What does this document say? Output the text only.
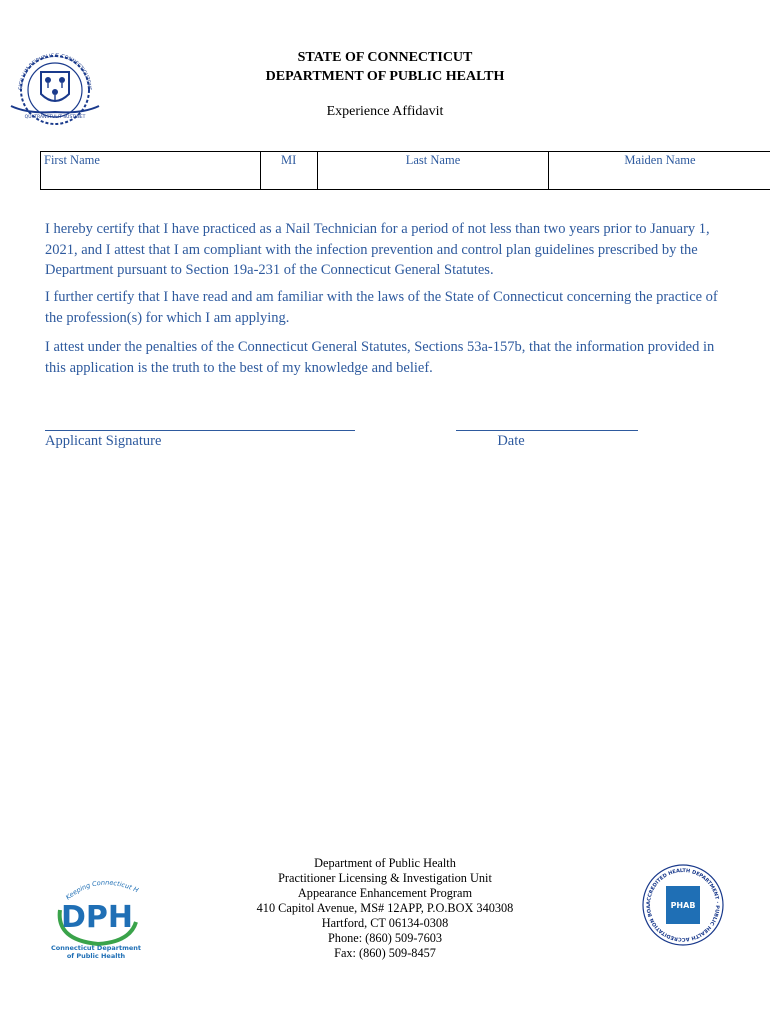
SIGILLUM REIPUBLICÆ CONNECTICUTENS
QUI TRANSTULIT SUSTINET
STATE OF CONNECTICUT
DEPARTMENT OF PUBLIC HEALTH
Experience Affidavit
First Name	MI	Last Name	Maiden Name
I hereby certify that I have practiced as a Nail Technician for a period of not less than two years prior to January 1, 2021, and I attest that I am compliant with the infection prevention and control plan guidelines prescribed by the Department pursuant to Section 19a-231 of the Connecticut General Statutes.
I further certify that I have read and am familiar with the laws of the State of Connecticut concerning the practice of the profession(s) for which I am applying.
I attest under the penalties of the Connecticut General Statutes, Sections 53a-157b, that the information provided in this application is the truth to the best of my knowledge and belief.
Applicant Signature	Date
Keeping Connecticut H
DPH
Connecticut Department
of Public Health
Department of Public Health
Practitioner Licensing & Investigation Unit
Appearance Enhancement Program
410 Capitol Avenue, MS# 12APP, P.O.BOX 340308
Hartford, CT 06134-0308
Phone: (860) 509-7603
Fax: (860) 509-8457
ACCREDITED HEALTH DEPARTMENT · PUBLIC HEALTH ACCREDITATION BOA	PHAB
